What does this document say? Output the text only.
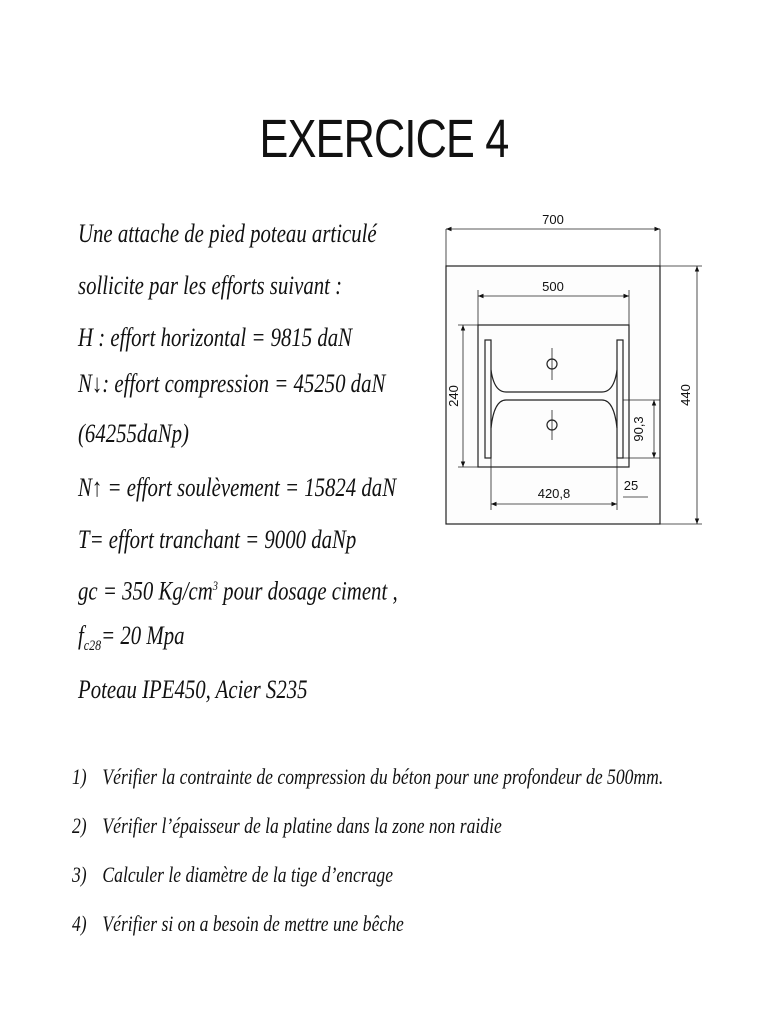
EXERCICE 4
Une attache de pied poteau articulé
sollicite par les efforts suivant :
H : effort horizontal = 9815 daN
N↓: effort compression = 45250 daN
(64255daNp)
N↑ = effort soulèvement = 15824 daN
T= effort tranchant = 9000 daNp
gc = 350 $Kg/cm^3$ pour dosage ciment ,
$f_{c28}= 20$ Mpa
Poteau IPE450, Acier S235
700
500
240	440
90,3
420,8
25
1) Vérifier la contrainte de compression du béton pour une profondeur de 500mm.
2) Vérifier l’épaisseur de la platine dans la zone non raidie
3) Calculer le diamètre de la tige d’encrage
4) Vérifier si on a besoin de mettre une bêche
